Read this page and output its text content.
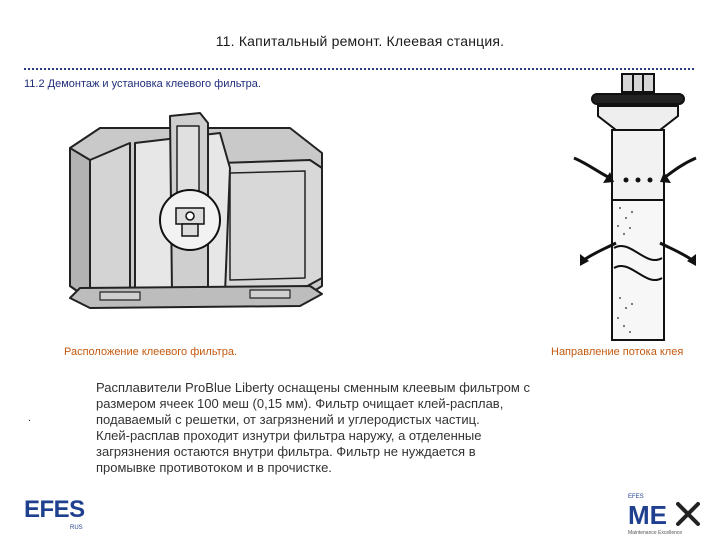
11. Капитальный ремонт. Клеевая станция.
11.2 Демонтаж и установка клеевого фильтра.
Расположение клеевого фильтра.	Направление потока клея
.
Расплавители ProBlue Liberty оснащены сменным клеевым фильтром с
размером ячеек 100 меш (0,15 мм). Фильтр очищает клей-расплав,
подаваемый с решетки, от загрязнений и углеродистых частиц.
Клей-расплав проходит изнутри фильтра наружу, а отделенные
загрязнения остаются внутри фильтра. Фильтр не нуждается в
промывке противотоком и в прочистке.
EFES
RUS
EFES
ME
Maintenance Excellence
